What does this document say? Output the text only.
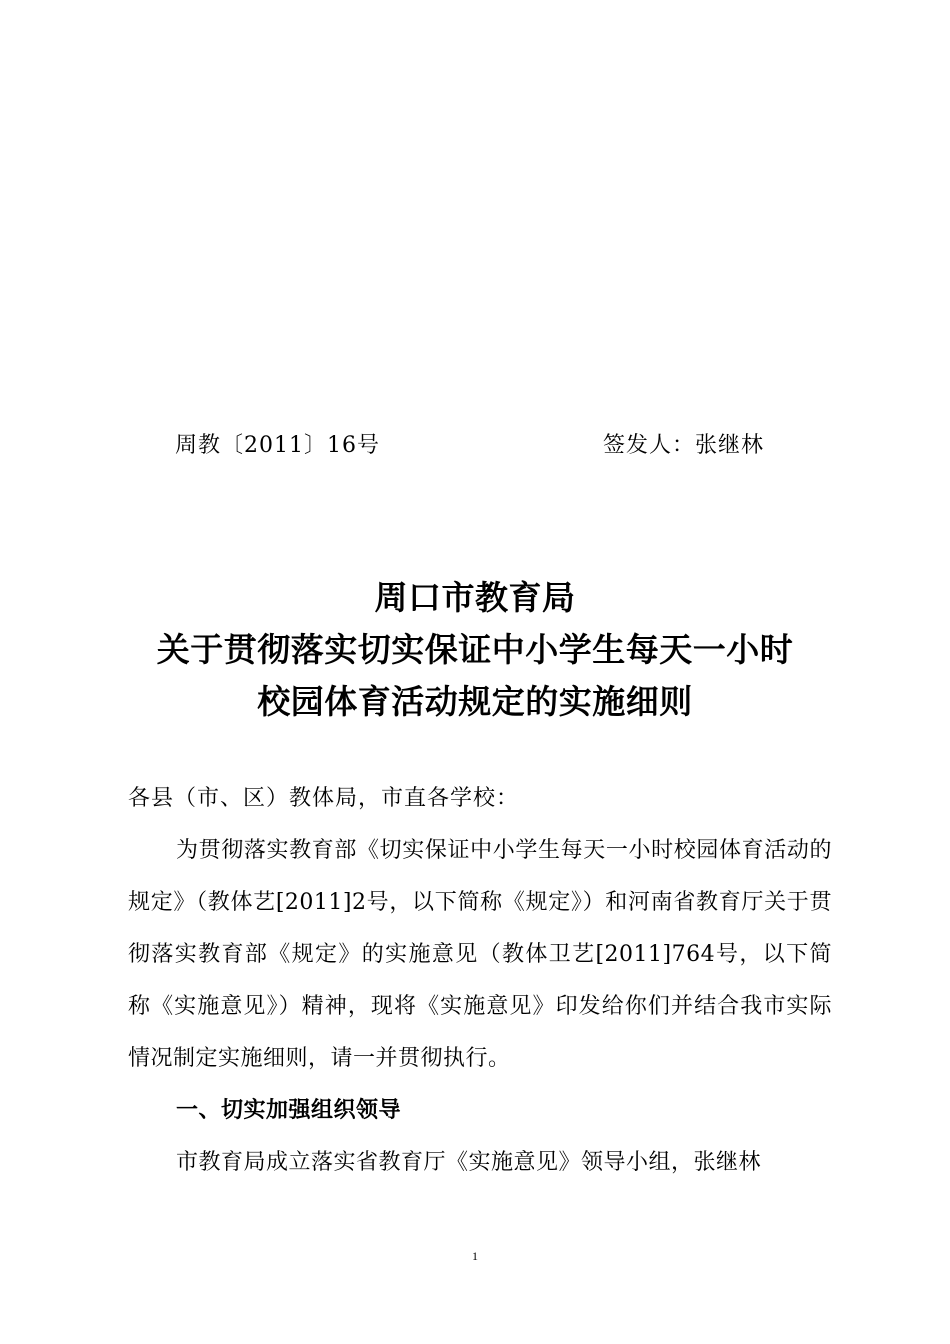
周教〔2011〕16号	签发人：张继林
周口市教育局
关于贯彻落实切实保证中小学生每天一小时
校园体育活动规定的实施细则

各县（市、区）教体局，市直各学校：

为贯彻落实教育部《切实保证中小学生每天一小时校园体育活动的规定》（教体艺[2011]2号，以下简称《规定》）和河南省教育厅关于贯彻落实教育部《规定》的实施意见（教体卫艺[2011]764号，以下简称《实施意见》）精神，现将《实施意见》印发给你们并结合我市实际情况制定实施细则，请一并贯彻执行。

一、切实加强组织领导

市教育局成立落实省教育厅《实施意见》领导小组，张继林

1
